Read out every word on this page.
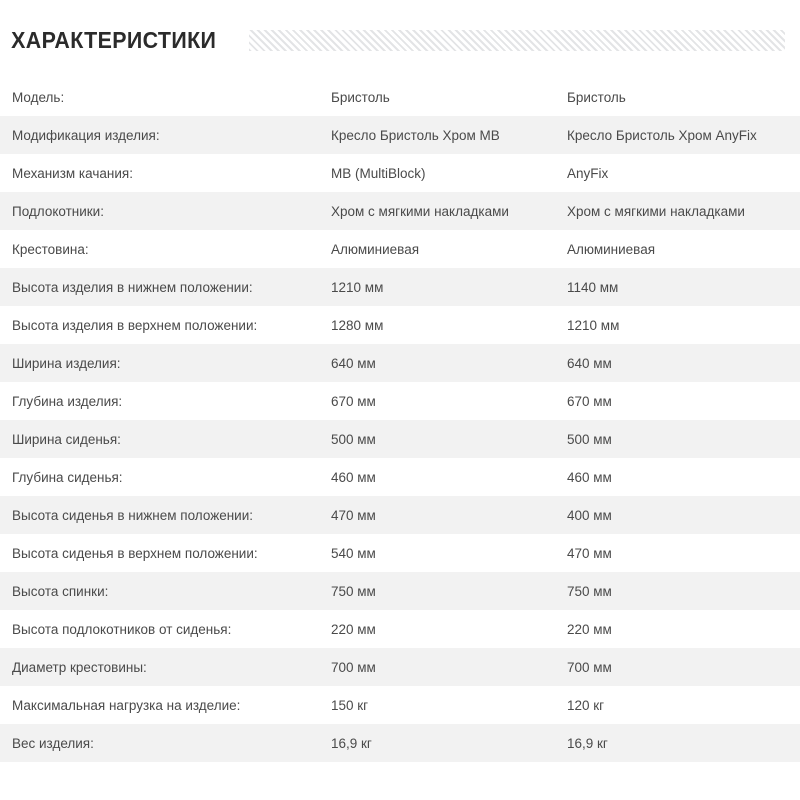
ХАРАКТЕРИСТИКИ
Модель:	Бристоль	Бристоль
Модификация изделия:	Кресло Бристоль Хром МВ	Кресло Бристоль Хром AnyFix
Механизм качания:	МВ (MultiBlock)	AnyFix
Подлокотники:	Хром с мягкими накладками	Хром с мягкими накладками
Крестовина:	Алюминиевая	Алюминиевая
Высота изделия в нижнем положении:	1210 мм	1140 мм
Высота изделия в верхнем положении:	1280 мм	1210 мм
Ширина изделия:	640 мм	640 мм
Глубина изделия:	670 мм	670 мм
Ширина сиденья:	500 мм	500 мм
Глубина сиденья:	460 мм	460 мм
Высота сиденья в нижнем положении:	470 мм	400 мм
Высота сиденья в верхнем положении:	540 мм	470 мм
Высота спинки:	750 мм	750 мм
Высота подлокотников от сиденья:	220 мм	220 мм
Диаметр крестовины:	700 мм	700 мм
Максимальная нагрузка на изделие:	150 кг	120 кг
Вес изделия:	16,9 кг	16,9 кг
